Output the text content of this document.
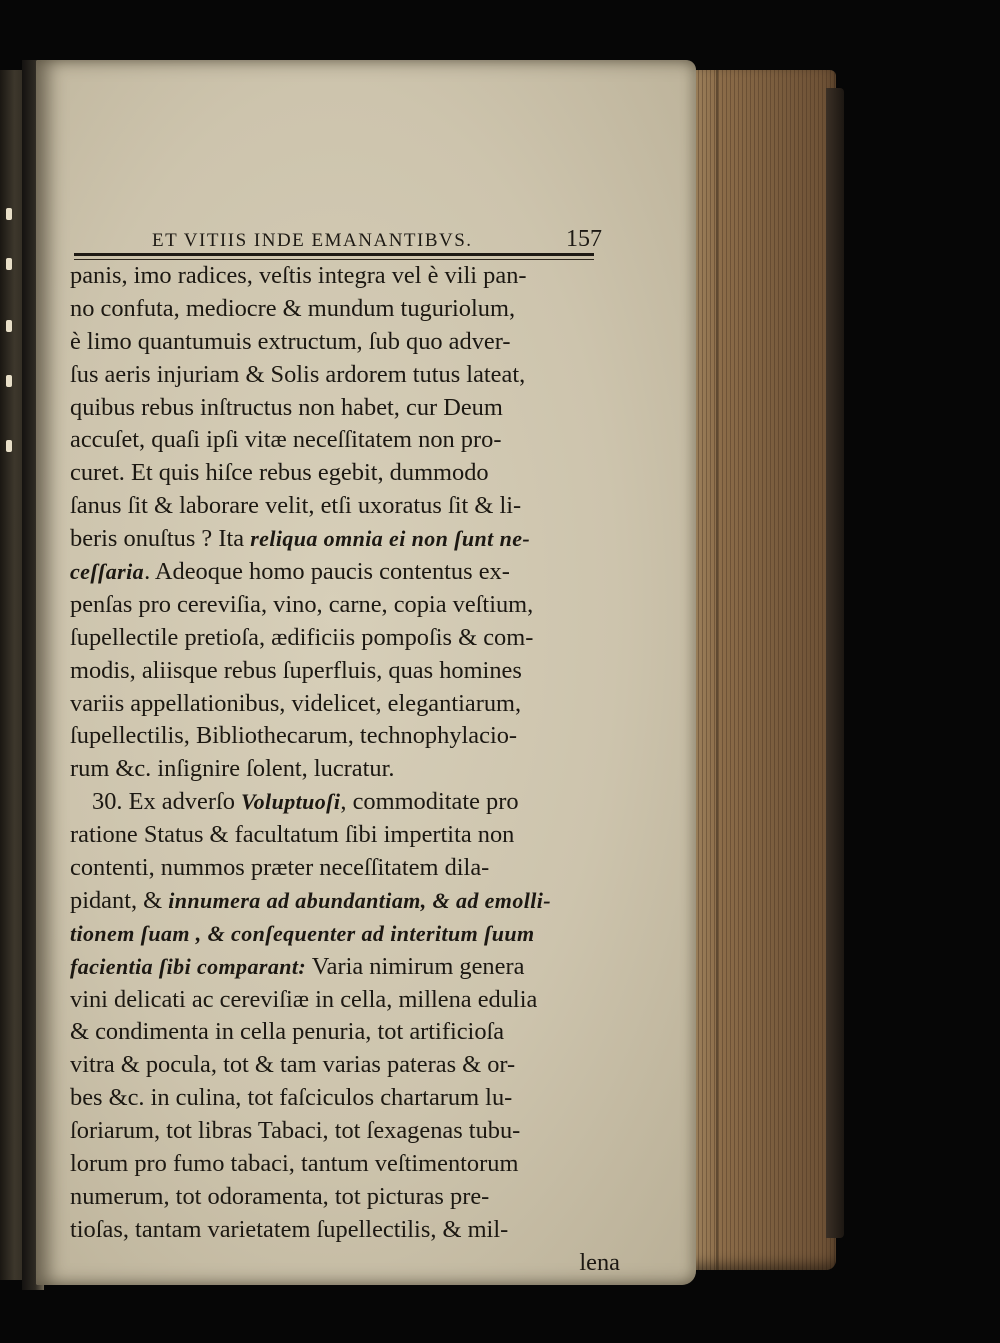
ET VITIIS INDE EMANANTIBVS.	157
panis, imo radices, veſtis integra vel è vili pan-
no confuta, mediocre & mundum tuguriolum,
è limo quantumuis extructum, ſub quo adver-
ſus aeris injuriam & Solis ardorem tutus lateat,
quibus rebus inſtructus non habet, cur Deum
accuſet, quaſi ipſi vitæ neceſſitatem non pro-
curet. Et quis hiſce rebus egebit, dummodo
ſanus ſit & laborare velit, etſi uxoratus ſit & li-
beris onuſtus ? Ita reliqua omnia ei non ſunt ne-
ceſſaria. Adeoque homo paucis contentus ex-
penſas pro cereviſia, vino, carne, copia veſtium,
ſupellectile pretioſa, ædificiis pompoſis & com-
modis, aliisque rebus ſuperfluis, quas homines
variis appellationibus, videlicet, elegantiarum,
ſupellectilis, Bibliothecarum, technophylacio-
rum &c. inſignire ſolent, lucratur.
30. Ex adverſo Voluptuoſi, commoditate pro
ratione Status & facultatum ſibi impertita non
contenti, nummos præter neceſſitatem dila-
pidant, & innumera ad abundantiam, & ad emolli-
tionem ſuam , & conſequenter ad interitum ſuum
facientia ſibi comparant: Varia nimirum genera
vini delicati ac cereviſiæ in cella, millena edulia
& condimenta in cella penuria, tot artificioſa
vitra & pocula, tot & tam varias pateras & or-
bes &c. in culina, tot faſciculos chartarum lu-
ſoriarum, tot libras Tabaci, tot ſexagenas tubu-
lorum pro fumo tabaci, tantum veſtimentorum
numerum, tot odoramenta, tot picturas pre-
tioſas, tantam varietatem ſupellectilis, & mil-
lena
